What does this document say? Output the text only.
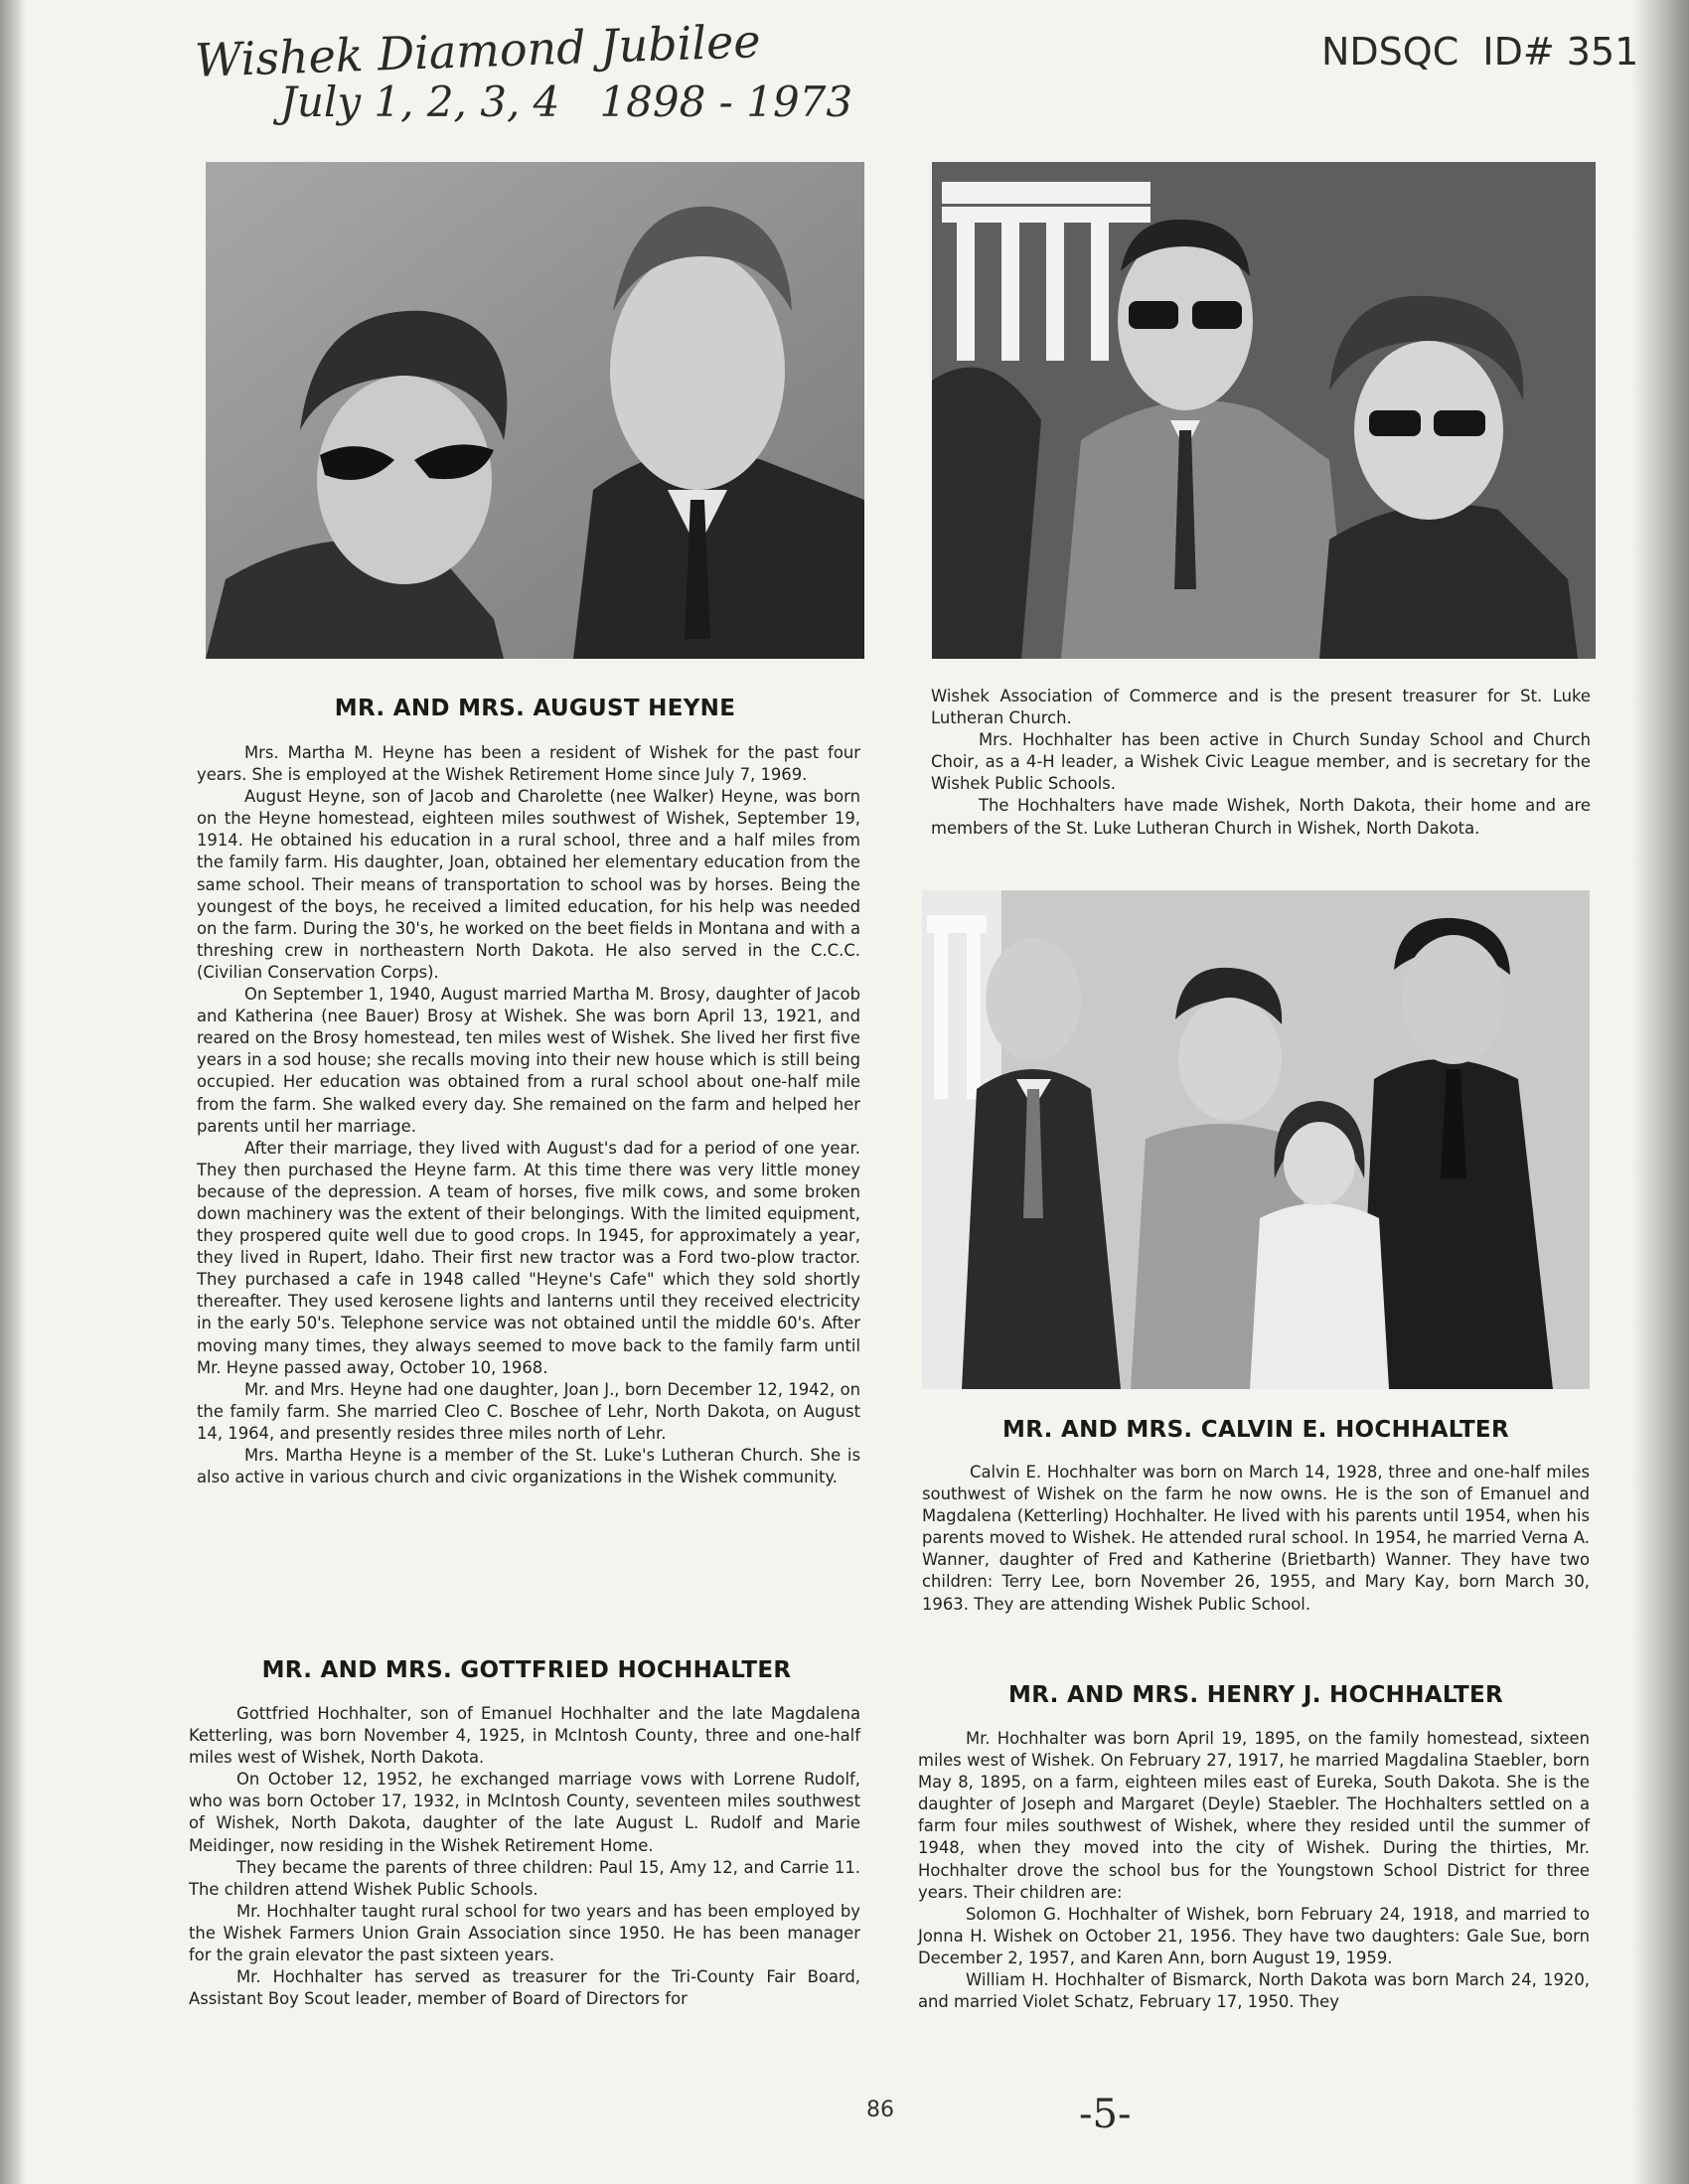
Wishek Diamond Jubilee
July 1, 2, 3, 4   1898 - 1973
NDSQC  ID# 351
MR. AND MRS. AUGUST HEYNE

Mrs. Martha M. Heyne has been a resident of Wishek for the past four years. She is employed at the Wishek Retirement Home since July 7, 1969.

August Heyne, son of Jacob and Charolette (nee Walker) Heyne, was born on the Heyne homestead, eighteen miles southwest of Wishek, September 19, 1914. He obtained his education in a rural school, three and a half miles from the family farm. His daughter, Joan, obtained her elementary education from the same school. Their means of transportation to school was by horses. Being the youngest of the boys, he received a limited education, for his help was needed on the farm. During the 30's, he worked on the beet fields in Montana and with a threshing crew in northeastern North Dakota. He also served in the C.C.C. (Civilian Conservation Corps).

On September 1, 1940, August married Martha M. Brosy, daughter of Jacob and Katherina (nee Bauer) Brosy at Wishek. She was born April 13, 1921, and reared on the Brosy homestead, ten miles west of Wishek. She lived her first five years in a sod house; she recalls moving into their new house which is still being occupied. Her education was obtained from a rural school about one-half mile from the farm. She walked every day. She remained on the farm and helped her parents until her marriage.

After their marriage, they lived with August's dad for a period of one year. They then purchased the Heyne farm. At this time there was very little money because of the depression. A team of horses, five milk cows, and some broken down machinery was the extent of their belongings. With the limited equipment, they prospered quite well due to good crops. In 1945, for approximately a year, they lived in Rupert, Idaho. Their first new tractor was a Ford two-plow tractor. They purchased a cafe in 1948 called "Heyne's Cafe" which they sold shortly thereafter. They used kerosene lights and lanterns until they received electricity in the early 50's. Telephone service was not obtained until the middle 60's. After moving many times, they always seemed to move back to the family farm until Mr. Heyne passed away, October 10, 1968.

Mr. and Mrs. Heyne had one daughter, Joan J., born December 12, 1942, on the family farm. She married Cleo C. Boschee of Lehr, North Dakota, on August 14, 1964, and presently resides three miles north of Lehr.

Mrs. Martha Heyne is a member of the St. Luke's Lutheran Church. She is also active in various church and civic organizations in the Wishek community.

MR. AND MRS. GOTTFRIED HOCHHALTER

Gottfried Hochhalter, son of Emanuel Hochhalter and the late Magdalena Ketterling, was born November 4, 1925, in McIntosh County, three and one-half miles west of Wishek, North Dakota.

On October 12, 1952, he exchanged marriage vows with Lorrene Rudolf, who was born October 17, 1932, in McIntosh County, seventeen miles southwest of Wishek, North Dakota, daughter of the late August L. Rudolf and Marie Meidinger, now residing in the Wishek Retirement Home.

They became the parents of three children: Paul 15, Amy 12, and Carrie 11. The children attend Wishek Public Schools.

Mr. Hochhalter taught rural school for two years and has been employed by the Wishek Farmers Union Grain Association since 1950. He has been manager for the grain elevator the past sixteen years.

Mr. Hochhalter has served as treasurer for the Tri-County Fair Board, Assistant Boy Scout leader, member of Board of Directors for

Wishek Association of Commerce and is the present treasurer for St. Luke Lutheran Church.

Mrs. Hochhalter has been active in Church Sunday School and Church Choir, as a 4-H leader, a Wishek Civic League member, and is secretary for the Wishek Public Schools.

The Hochhalters have made Wishek, North Dakota, their home and are members of the St. Luke Lutheran Church in Wishek, North Dakota.

MR. AND MRS. CALVIN E. HOCHHALTER

Calvin E. Hochhalter was born on March 14, 1928, three and one-half miles southwest of Wishek on the farm he now owns. He is the son of Emanuel and Magdalena (Ketterling) Hochhalter. He lived with his parents until 1954, when his parents moved to Wishek. He attended rural school. In 1954, he married Verna A. Wanner, daughter of Fred and Katherine (Brietbarth) Wanner. They have two children: Terry Lee, born November 26, 1955, and Mary Kay, born March 30, 1963. They are attending Wishek Public School.

MR. AND MRS. HENRY J. HOCHHALTER

Mr. Hochhalter was born April 19, 1895, on the family homestead, sixteen miles west of Wishek. On February 27, 1917, he married Magdalina Staebler, born May 8, 1895, on a farm, eighteen miles east of Eureka, South Dakota. She is the daughter of Joseph and Margaret (Deyle) Staebler. The Hochhalters settled on a farm four miles southwest of Wishek, where they resided until the summer of 1948, when they moved into the city of Wishek. During the thirties, Mr. Hochhalter drove the school bus for the Youngstown School District for three years. Their children are:

Solomon G. Hochhalter of Wishek, born February 24, 1918, and married to Jonna H. Wishek on October 21, 1956. They have two daughters: Gale Sue, born December 2, 1957, and Karen Ann, born August 19, 1959.

William H. Hochhalter of Bismarck, North Dakota was born March 24, 1920, and married Violet Schatz, February 17, 1950. They

86	-5-
